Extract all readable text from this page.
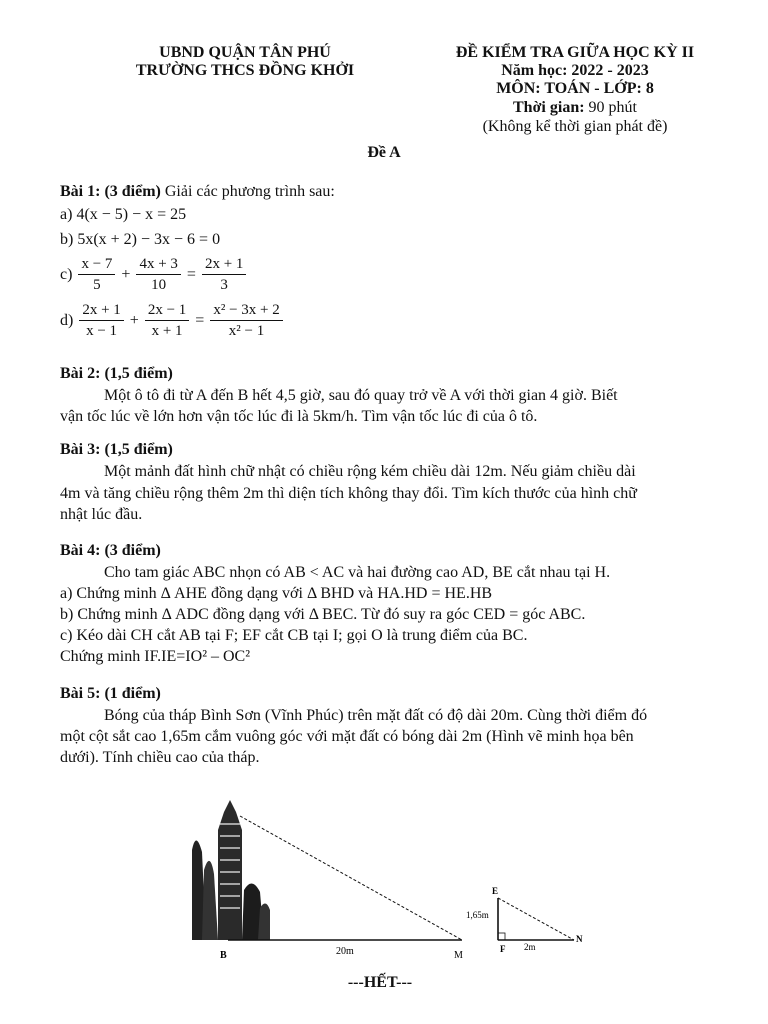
UBND QUẬN TÂN PHÚ
TRƯỜNG THCS ĐỒNG KHỞI
ĐỀ KIỂM TRA GIỮA HỌC KỲ II
Năm học: 2022 - 2023
MÔN: TOÁN - LỚP: 8
Thời gian: 90 phút
(Không kể thời gian phát đề)
Đề A
Bài 1: (3 điểm) Giải các phương trình sau:
a) 4(x − 5) − x = 25
b) 5x(x + 2) − 3x − 6 = 0
$c) \frac{x - 7}{5} + \frac{4x + 3}{10} = \frac{2x + 1}{3}$
$d) \frac{2x + 1}{x - 1} + \frac{2x - 1}{x + 1} = \frac{\text{x² − 3x + 2}}{\text{x² − 1}}$
Bài 2: (1,5 điểm)
Một ô tô đi từ A đến B hết 4,5 giờ, sau đó quay trở về A với thời gian 4 giờ. Biết
vận tốc lúc về lớn hơn vận tốc lúc đi là 5km/h. Tìm vận tốc lúc đi của ô tô.
Bài 3: (1,5 điểm)
Một mảnh đất hình chữ nhật có chiều rộng kém chiều dài 12m. Nếu giảm chiều dài
4m và tăng chiều rộng thêm 2m thì diện tích không thay đổi. Tìm kích thước của hình chữ
nhật lúc đầu.
Bài 4: (3 điểm)
Cho tam giác ABC nhọn có AB < AC và hai đường cao AD, BE cắt nhau tại H.
a) Chứng minh Δ AHE đồng dạng với Δ BHD và HA.HD = HE.HB
b) Chứng minh Δ ADC đồng dạng với Δ BEC. Từ đó suy ra góc CED = góc ABC.
c) Kéo dài CH cắt AB tại F; EF cắt CB tại I; gọi O là trung điểm của BC.
Chứng minh IF.IE=IO² – OC²
Bài 5: (1 điểm)
Bóng của tháp Bình Sơn (Vĩnh Phúc) trên mặt đất có độ dài 20m. Cùng thời điểm đó
một cột sắt cao 1,65m cắm vuông góc với mặt đất có bóng dài 2m (Hình vẽ minh họa bên
dưới). Tính chiều cao của tháp.
B	20m	M
E
1,65m
F 2m
N
---HẾT---
